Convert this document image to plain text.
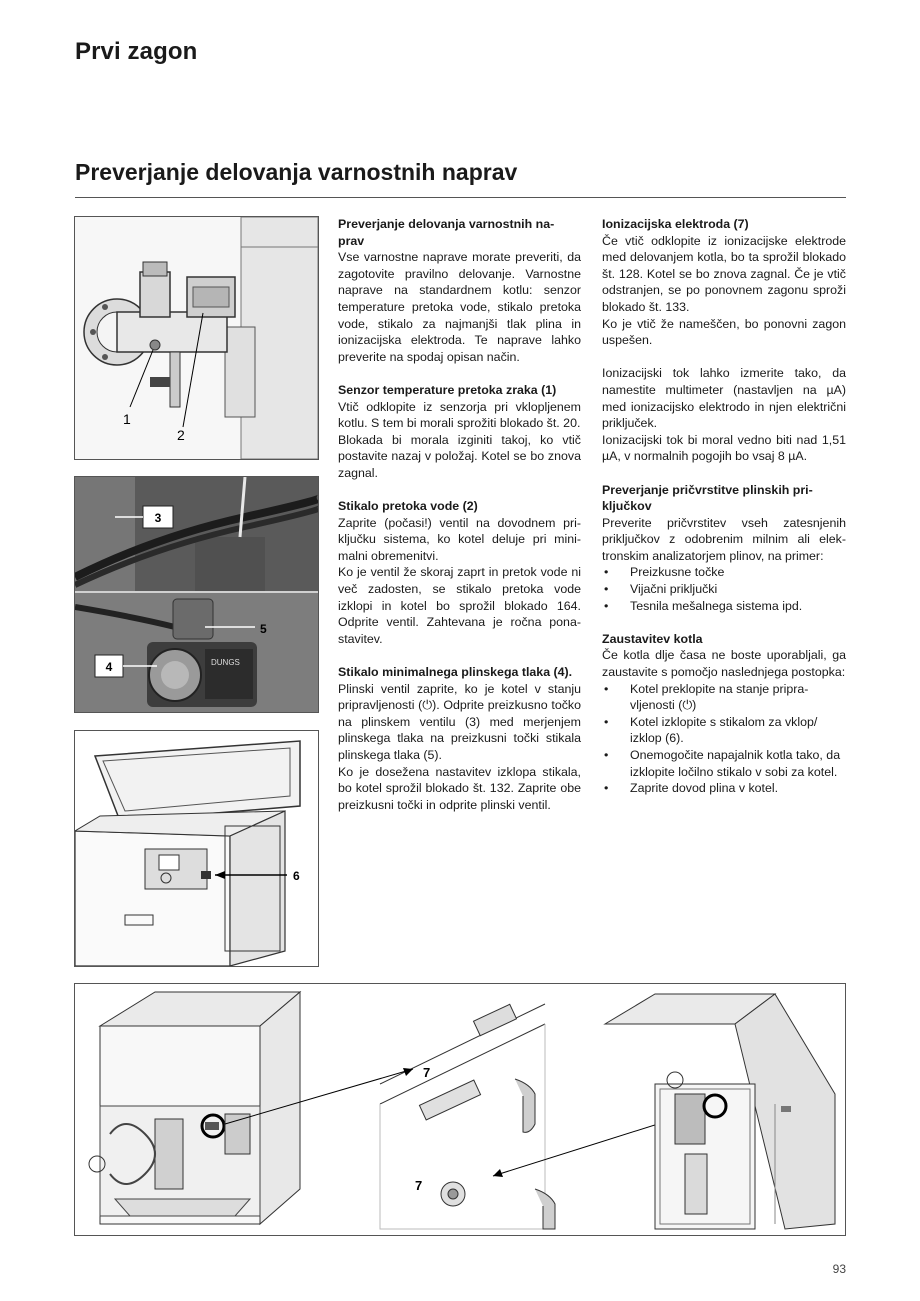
Prvi zagon
Preverjanje delovanja varnostnih naprav
1
2
DUNGS
3
4
5
6

Preverjanje delovanja varnostnih na-
prav

Vse varnostne naprave morate preveriti, da zagotovite pravilno delovanje. Varnostne naprave na standardnem kotlu: senzor temperature pretoka vode, stikalo pretoka vode, stikalo za najmanjši tlak plina in ionizacijska elektroda. Te naprave lahko preverite na spodaj opisan način.

Senzor temperature pretoka zraka (1)

Vtič odklopite iz senzorja pri vklopljenem kotlu. S tem bi morali sprožiti blokado št. 20.

Blokada bi morala izginiti takoj, ko vtič postavite nazaj v položaj. Kotel se bo znova zagnal.

Stikalo pretoka vode (2)

Zaprite (počasi!) ventil na dovodnem priključku sistema, ko kotel deluje pri minimalni obremenitvi.

Ko je ventil že skoraj zaprt in pretok vode ni več zadosten, se stikalo pretoka vode izklopi in kotel bo sprožil blokado 164. Odprite ventil. Zahtevana je ročna ponastavitev.

Stikalo minimalnega plinskega tlaka (4).

Plinski ventil zaprite, ko je kotel v stanju pripravljenosti (⏻). Odprite preizkusno točko na plinskem ventilu (3) med merjenjem plinskega tlaka na preizkusni točki stikala plinskega tlaka (5).

Ko je dosežena nastavitev izklopa stikala, bo kotel sprožil blokado št. 132. Zaprite obe preizkusni točki in odprite plinski ventil.

Ionizacijska elektroda (7)

Če vtič odklopite iz ionizacijske elektrode med delovanjem kotla, bo ta sprožil blokado št. 128. Kotel se bo znova zagnal. Če je vtič odstranjen, se po ponovnem zagonu sproži blokado št. 133.

Ko je vtič že nameščen, bo ponovni zagon uspešen.

Ionizacijski tok lahko izmerite tako, da namestite multimeter (nastavljen na µA) med ionizacijsko elektrodo in njen električni priključek.

Ionizacijski tok bi moral vedno biti nad 1,51 µA, v normalnih pogojih bo vsaj 8 µA.

Preverjanje pričvrstitve plinskih priključkov

Preverite pričvrstitev vseh zatesnjenih priključkov z odobrenim milnim ali elektronskim analizatorjem plinov, na primer:

• Preizkusne točke
• Vijačni priključki
• Tesnila mešalnega sistema ipd.

Zaustavitev kotla

Če kotla dlje časa ne boste uporabljali, ga zaustavite s pomočjo naslednjega postopka:

• Kotel preklopite na stanje pripravljenosti (⏻)
• Kotel izklopite s stikalom za vklop/ izklop (6).
• Onemogočite napajalnik kotla tako, da izklopite ločilno stikalo v sobi za kotel.
• Zaprite dovod plina v kotel.
7
7
93
